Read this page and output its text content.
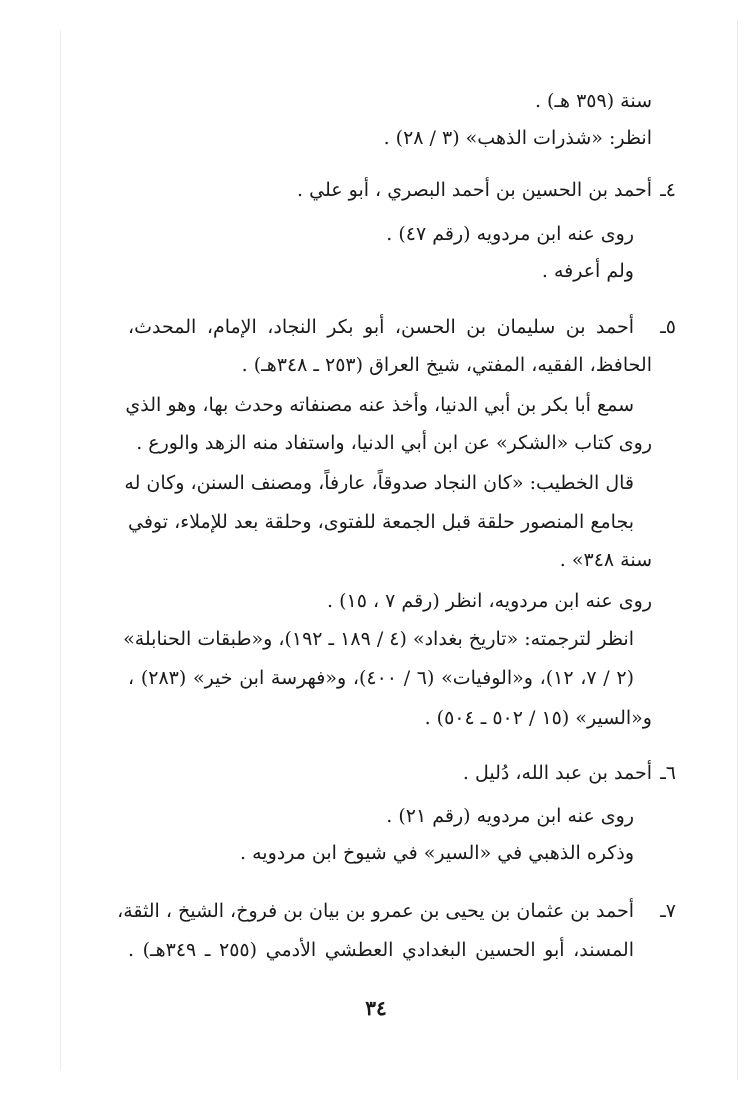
سنة (٣٥٩ هـ) .
انظر: «شذرات الذهب» (٣ / ٢٨) .
٤ـ
أحمد بن الحسين بن أحمد البصري ، أبو علي .
روى عنه ابن مردويه (رقم ٤٧) .
ولم أعرفه .
٥ـ
أحمد بن سليمان بن الحسن، أبو بكر النجاد، الإمام، المحدث،
الحافظ، الفقيه، المفتي، شيخ العراق (٢٥٣ ـ ٣٤٨هـ) .
سمع أبا بكر بن أبي الدنيا، وأخذ عنه مصنفاته وحدث بها، وهو الذي
روى كتاب «الشكر» عن ابن أبي الدنيا، واستفاد منه الزهد والورع .
قال الخطيب: «كان النجاد صدوقاً، عارفاً، ومصنف السنن، وكان له
بجامع المنصور حلقة قبل الجمعة للفتوى، وحلقة بعد للإملاء، توفي
سنة ٣٤٨» .
روى عنه ابن مردويه، انظر (رقم ٧ ، ١٥) .
انظر لترجمته: «تاريخ بغداد» (٤ / ١٨٩ ـ ١٩٢)، و«طبقات الحنابلة»
(٢ / ٧، ١٢)، و«الوفيات» (٦ / ٤٠٠)، و«فهرسة ابن خير» (٢٨٣) ،
و«السير» (١٥ / ٥٠٢ ـ ٥٠٤) .
٦ـ
أحمد بن عبد الله، دُليل .
روى عنه ابن مردويه (رقم ٢١) .
وذكره الذهبي في «السير» في شيوخ ابن مردويه .
٧ـ
أحمد بن عثمان بن يحيى بن عمرو بن بيان بن فروخ، الشيخ ، الثقة،
المسند، أبو الحسين البغدادي العطشي الأدمي (٢٥٥ ـ ٣٤٩هـ) .
٣٤
